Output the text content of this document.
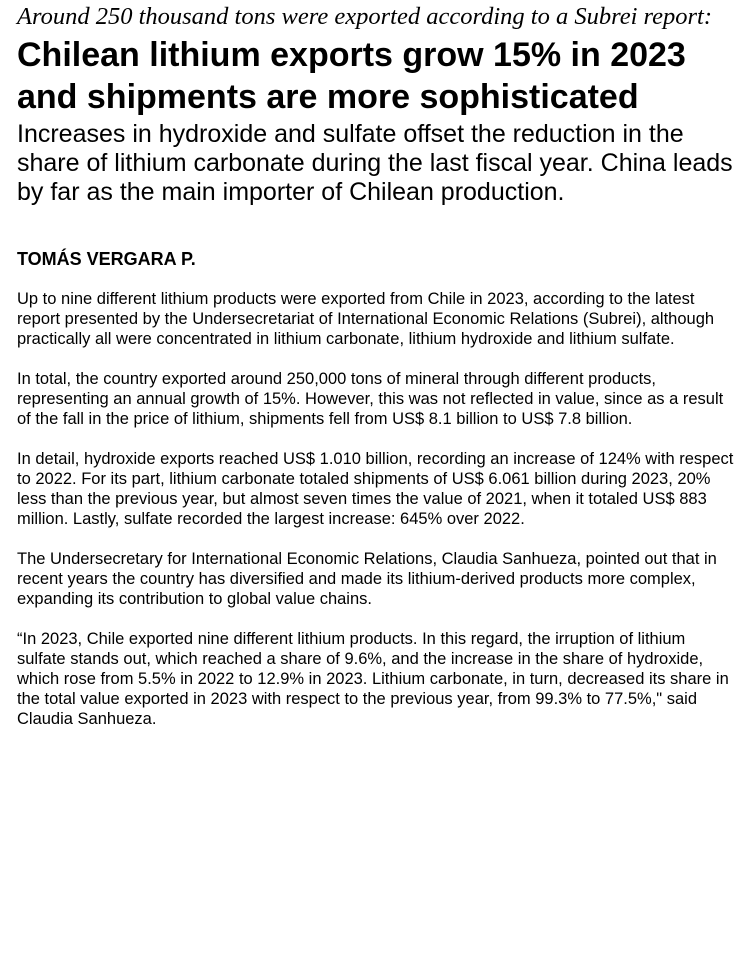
Around 250 thousand tons were exported according to a Subrei report:
Chilean lithium exports grow 15% in 2023 and shipments are more sophisticated
Increases in hydroxide and sulfate offset the reduction in the share of lithium carbonate during the last fiscal year. China leads by far as the main importer of Chilean production.
TOMÁS VERGARA P.

Up to nine different lithium products were exported from Chile in 2023, according to the latest report presented by the Undersecretariat of International Economic Relations (Subrei), although practically all were concentrated in lithium carbonate, lithium hydroxide and lithium sulfate.

In total, the country exported around 250,000 tons of mineral through different products, representing an annual growth of 15%. However, this was not reflected in value, since as a result of the fall in the price of lithium, shipments fell from US$ 8.1 billion to US$ 7.8 billion.

In detail, hydroxide exports reached US$ 1.010 billion, recording an increase of 124% with respect to 2022. For its part, lithium carbonate totaled shipments of US$ 6.061 billion during 2023, 20% less than the previous year, but almost seven times the value of 2021, when it totaled US$ 883 million. Lastly, sulfate recorded the largest increase: 645% over 2022.

The Undersecretary for International Economic Relations, Claudia Sanhueza, pointed out that in recent years the country has diversified and made its lithium-derived products more complex, expanding its contribution to global value chains.

“In 2023, Chile exported nine different lithium products. In this regard, the irruption of lithium sulfate stands out, which reached a share of 9.6%, and the increase in the share of hydroxide, which rose from 5.5% in 2022 to 12.9% in 2023. Lithium carbonate, in turn, decreased its share in the total value exported in 2023 with respect to the previous year, from 99.3% to 77.5%," said Claudia Sanhueza.
